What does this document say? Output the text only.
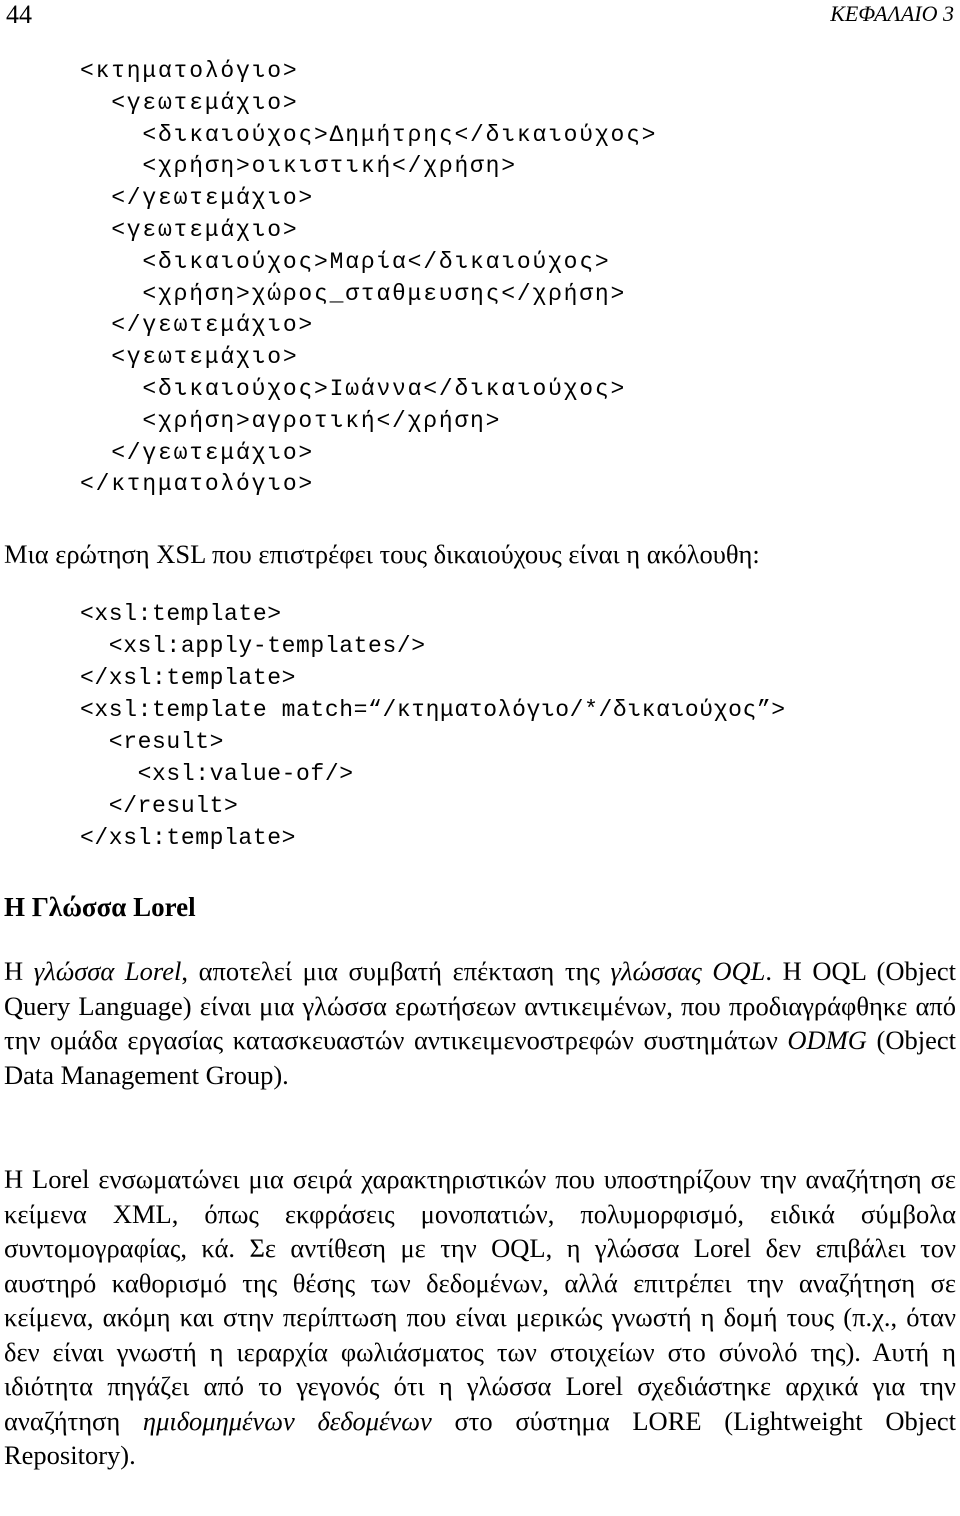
44	ΚΕΦΑΛΑΙΟ 3
<κτηματολόγιο>
<γεωτεμάχιο>
<δικαιούχος>Δημήτρης</δικαιούχος>
<χρήση>οικιστική</χρήση>
</γεωτεμάχιο>
<γεωτεμάχιο>
<δικαιούχος>Μαρία</δικαιούχος>
<χρήση>χώρος_σταθμευσης</χρήση>
</γεωτεμάχιο>
<γεωτεμάχιο>
<δικαιούχος>Ιωάννα</δικαιούχος>
<χρήση>αγροτική</χρήση>
</γεωτεμάχιο>
</κτηματολόγιο>

Μια ερώτηση XSL που επιστρέφει τους δικαιούχους είναι η ακόλουθη:

<xsl:template>
<xsl:apply-templates/>
</xsl:template>
<xsl:template match=“/κτηματολόγιο/*/δικαιούχος”>
<result>
<xsl:value-of/>
</result>
</xsl:template>
Η Γλώσσα Lorel

Η γλώσσα Lorel, αποτελεί μια συμβατή επέκταση της γλώσσας OQL. Η OQL (Object Query Language) είναι μια γλώσσα ερωτήσεων αντικειμένων, που προδιαγράφθηκε από την ομάδα εργασίας κατασκευαστών αντικειμενοστρεφών συστημάτων ODMG (Object Data Management Group).

Η Lorel ενσωματώνει μια σειρά χαρακτηριστικών που υποστηρίζουν την αναζήτηση σε κείμενα XML, όπως εκφράσεις μονοπατιών, πολυμορφισμό, ειδικά σύμβολα συντομογραφίας, κά. Σε αντίθεση με την OQL, η γλώσσα Lorel δεν επιβάλει τον αυστηρό καθορισμό της θέσης των δεδομένων, αλλά επιτρέπει την αναζήτηση σε κείμενα, ακόμη και στην περίπτωση που είναι μερικώς γνωστή η δομή τους (π.χ., όταν δεν είναι γνωστή η ιεραρχία φωλιάσματος των στοιχείων στο σύνολό της). Αυτή η ιδιότητα πηγάζει από το γεγονός ότι η γλώσσα Lorel σχεδιάστηκε αρχικά για την αναζήτηση ημιδομημένων δεδομένων στο σύστημα LORE (Lightweight Object Repository).
